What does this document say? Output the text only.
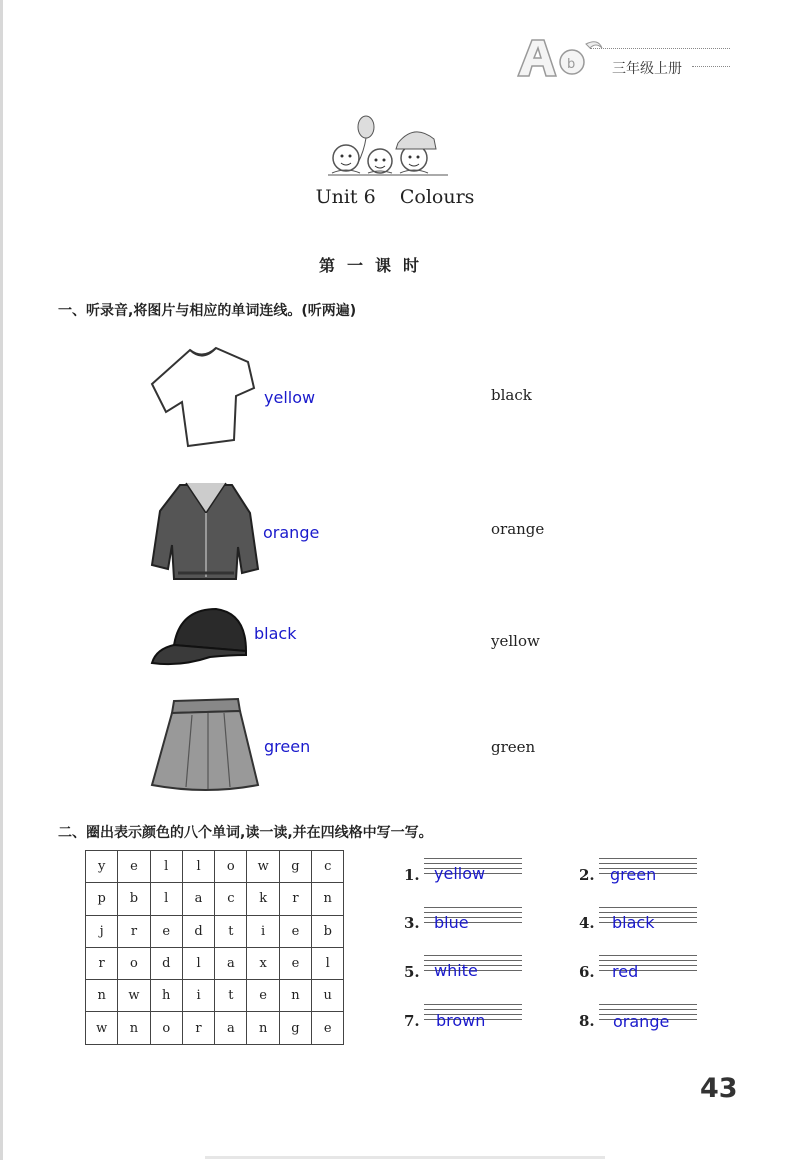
b	三年级上册
Unit 6    Colours
第一课时
一、听录音,将图片与相应的单词连线。(听两遍)
yellow	black
orange	orange
black	yellow
green	green
二、圈出表示颜色的八个单词,读一读,并在四线格中写一写。
y	e	l	l	o	w	g	c
p	b	l	a	c	k	r	n
j	r	e	d	t	i	e	b
r	o	d	l	a	x	e	l
n	w	h	i	t	e	n	u
w	n	o	r	a	n	g	e
1. yellow	2. green
3. blue	4. black
5. white	6. red
7. brown	8. orange
43
